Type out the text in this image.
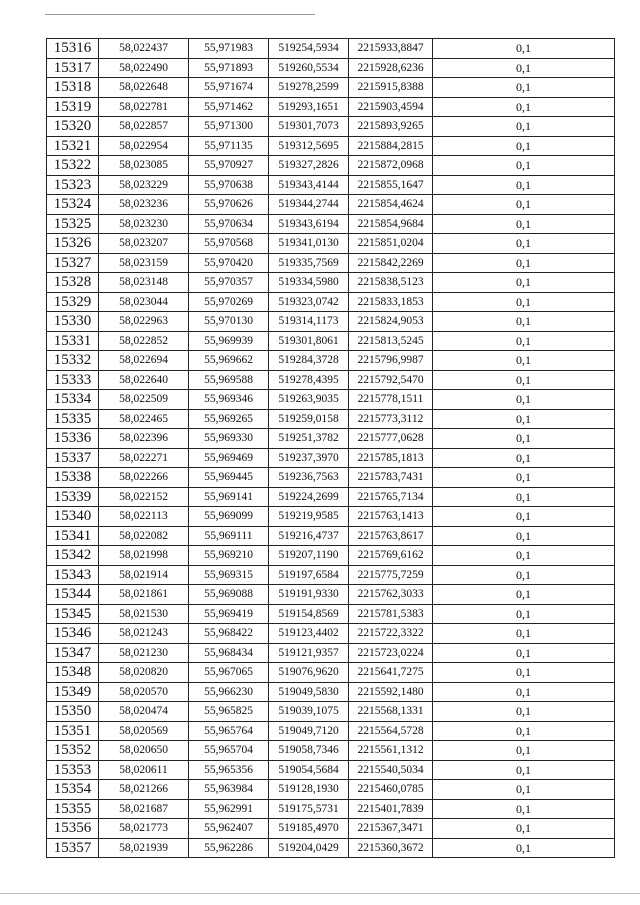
15316	58,022437	55,971983	519254,5934	2215933,8847	0,1
15317	58,022490	55,971893	519260,5534	2215928,6236	0,1
15318	58,022648	55,971674	519278,2599	2215915,8388	0,1
15319	58,022781	55,971462	519293,1651	2215903,4594	0,1
15320	58,022857	55,971300	519301,7073	2215893,9265	0,1
15321	58,022954	55,971135	519312,5695	2215884,2815	0,1
15322	58,023085	55,970927	519327,2826	2215872,0968	0,1
15323	58,023229	55,970638	519343,4144	2215855,1647	0,1
15324	58,023236	55,970626	519344,2744	2215854,4624	0,1
15325	58,023230	55,970634	519343,6194	2215854,9684	0,1
15326	58,023207	55,970568	519341,0130	2215851,0204	0,1
15327	58,023159	55,970420	519335,7569	2215842,2269	0,1
15328	58,023148	55,970357	519334,5980	2215838,5123	0,1
15329	58,023044	55,970269	519323,0742	2215833,1853	0,1
15330	58,022963	55,970130	519314,1173	2215824,9053	0,1
15331	58,022852	55,969939	519301,8061	2215813,5245	0,1
15332	58,022694	55,969662	519284,3728	2215796,9987	0,1
15333	58,022640	55,969588	519278,4395	2215792,5470	0,1
15334	58,022509	55,969346	519263,9035	2215778,1511	0,1
15335	58,022465	55,969265	519259,0158	2215773,3112	0,1
15336	58,022396	55,969330	519251,3782	2215777,0628	0,1
15337	58,022271	55,969469	519237,3970	2215785,1813	0,1
15338	58,022266	55,969445	519236,7563	2215783,7431	0,1
15339	58,022152	55,969141	519224,2699	2215765,7134	0,1
15340	58,022113	55,969099	519219,9585	2215763,1413	0,1
15341	58,022082	55,969111	519216,4737	2215763,8617	0,1
15342	58,021998	55,969210	519207,1190	2215769,6162	0,1
15343	58,021914	55,969315	519197,6584	2215775,7259	0,1
15344	58,021861	55,969088	519191,9330	2215762,3033	0,1
15345	58,021530	55,969419	519154,8569	2215781,5383	0,1
15346	58,021243	55,968422	519123,4402	2215722,3322	0,1
15347	58,021230	55,968434	519121,9357	2215723,0224	0,1
15348	58,020820	55,967065	519076,9620	2215641,7275	0,1
15349	58,020570	55,966230	519049,5830	2215592,1480	0,1
15350	58,020474	55,965825	519039,1075	2215568,1331	0,1
15351	58,020569	55,965764	519049,7120	2215564,5728	0,1
15352	58,020650	55,965704	519058,7346	2215561,1312	0,1
15353	58,020611	55,965356	519054,5684	2215540,5034	0,1
15354	58,021266	55,963984	519128,1930	2215460,0785	0,1
15355	58,021687	55,962991	519175,5731	2215401,7839	0,1
15356	58,021773	55,962407	519185,4970	2215367,3471	0,1
15357	58,021939	55,962286	519204,0429	2215360,3672	0,1
